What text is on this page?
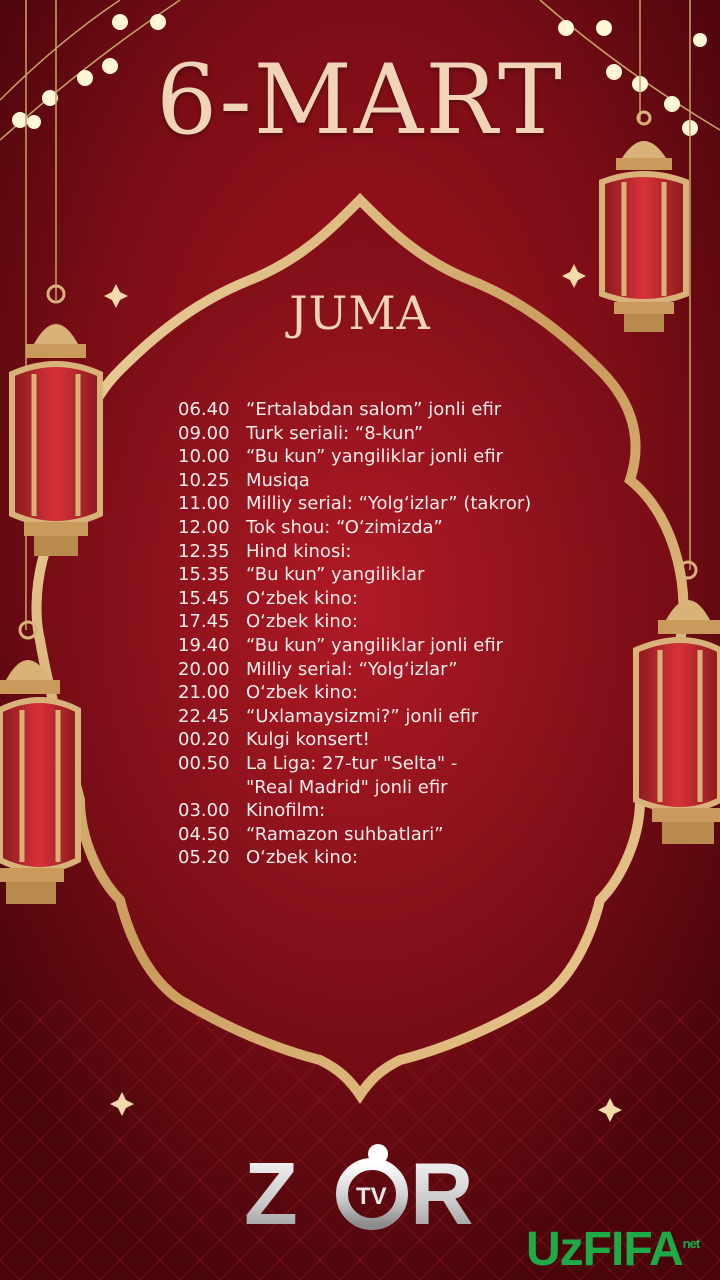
6-MART
JUMA
06.40 “Ertalabdan salom” jonli efir
09.00 Turk seriali: “8-kun”
10.00 “Bu kun” yangiliklar jonli efir
10.25 Musiqa
11.00 Milliy serial: “Yolg‘izlar” (takror)
12.00 Tok shou: “O‘zimizda”
12.35 Hind kinosi:
15.35 “Bu kun” yangiliklar
15.45 O‘zbek kino:
17.45 O‘zbek kino:
19.40 “Bu kun” yangiliklar jonli efir
20.00 Milliy serial: “Yolg‘izlar”
21.00 O‘zbek kino:
22.45 “Uxlamaysizmi?” jonli efir
00.20 Kulgi konsert!
00.50 La Liga: 27-tur "Selta" -
"Real Madrid" jonli efir
03.00 Kinofilm:
04.50 “Ramazon suhbatlari”
05.20 O‘zbek kino:
Z TV R
UzFIFA$^{net}$
